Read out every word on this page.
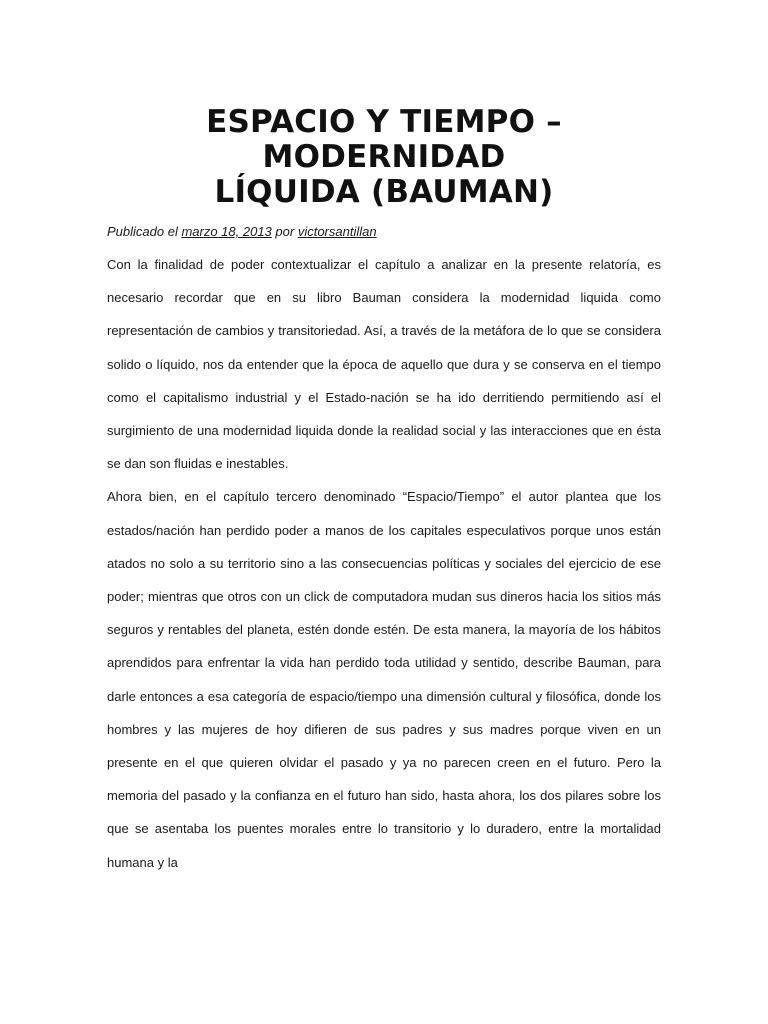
ESPACIO Y TIEMPO –
MODERNIDAD
LÍQUIDA (BAUMAN)
Publicado el marzo 18, 2013 por victorsantillan

Con la finalidad de poder contextualizar el capítulo a analizar en la presente relatoría, es necesario recordar que en su libro Bauman considera la modernidad liquida como representación de cambios y transitoriedad. Así, a través de la metáfora de lo que se considera solido o líquido, nos da entender que la época de aquello que dura y se conserva en el tiempo como el capitalismo industrial y el Estado-nación se ha ido derritiendo permitiendo así el surgimiento de una modernidad liquida donde la realidad social y las interacciones que en ésta se dan son fluidas e inestables.

Ahora bien, en el capítulo tercero denominado “Espacio/Tiempo” el autor plantea que los estados/nación han perdido poder a manos de los capitales especulativos porque unos están atados no solo a su territorio sino a las consecuencias políticas y sociales del ejercicio de ese poder; mientras que otros con un click de computadora mudan sus dineros hacia los sitios más seguros y rentables del planeta, estén donde estén. De esta manera, la mayoría de los hábitos aprendidos para enfrentar la vida han perdido toda utilidad y sentido, describe Bauman, para darle entonces a esa categoría de espacio/tiempo una dimensión cultural y filosófica, donde los hombres y las mujeres de hoy difieren de sus padres y sus madres porque viven en un presente en el que quieren olvidar el pasado y ya no parecen creen en el futuro. Pero la memoria del pasado y la confianza en el futuro han sido, hasta ahora, los dos pilares sobre los que se asentaba los puentes morales entre lo transitorio y lo duradero, entre la mortalidad humana y la
